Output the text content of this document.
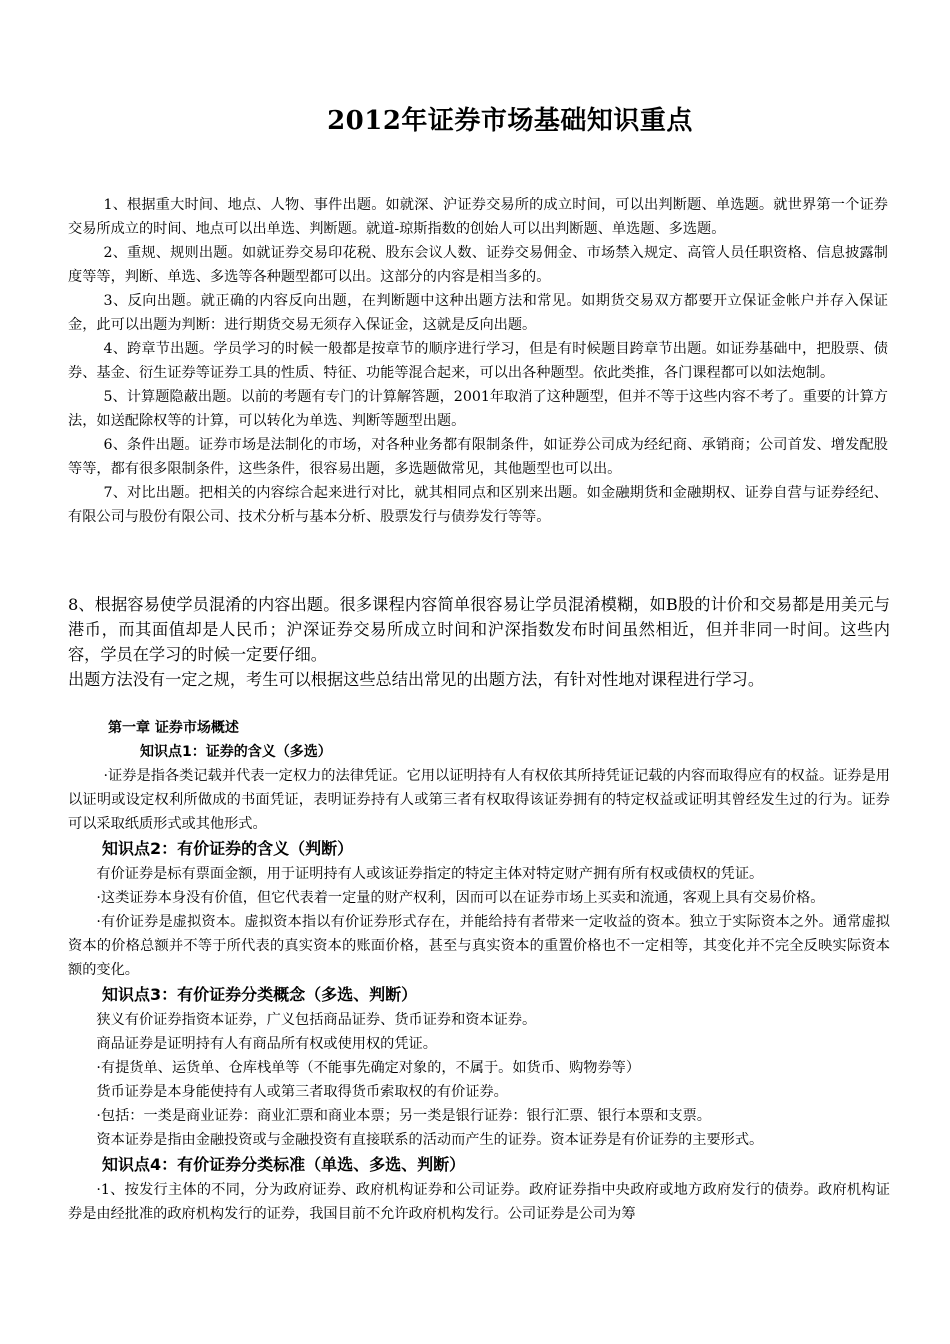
2012年证券市场基础知识重点

1、根据重大时间、地点、人物、事件出题。如就深、沪证券交易所的成立时间，可以出判断题、单选题。就世界第一个证券交易所成立的时间、地点可以出单选、判断题。就道-琼斯指数的创始人可以出判断题、单选题、多选题。

2、重规、规则出题。如就证券交易印花税、股东会议人数、证券交易佣金、市场禁入规定、高管人员任职资格、信息披露制度等等，判断、单选、多选等各种题型都可以出。这部分的内容是相当多的。

3、反向出题。就正确的内容反向出题，在判断题中这种出题方法和常见。如期货交易双方都要开立保证金帐户并存入保证金，此可以出题为判断：进行期货交易无须存入保证金，这就是反向出题。

4、跨章节出题。学员学习的时候一般都是按章节的顺序进行学习，但是有时候题目跨章节出题。如证券基础中，把股票、债券、基金、衍生证券等证券工具的性质、特征、功能等混合起来，可以出各种题型。依此类推，各门课程都可以如法炮制。

5、计算题隐蔽出题。以前的考题有专门的计算解答题，2001年取消了这种题型，但并不等于这些内容不考了。重要的计算方法，如送配除权等的计算，可以转化为单选、判断等题型出题。

6、条件出题。证券市场是法制化的市场，对各种业务都有限制条件，如证券公司成为经纪商、承销商；公司首发、增发配股等等，都有很多限制条件，这些条件，很容易出题，多选题做常见，其他题型也可以出。

7、对比出题。把相关的内容综合起来进行对比，就其相同点和区别来出题。如金融期货和金融期权、证券自营与证券经纪、有限公司与股份有限公司、技术分析与基本分析、股票发行与债券发行等等。

8、根据容易使学员混淆的内容出题。很多课程内容简单很容易让学员混淆模糊，如B股的计价和交易都是用美元与港币，而其面值却是人民币；沪深证券交易所成立时间和沪深指数发布时间虽然相近，但并非同一时间。这些内容，学员在学习的时候一定要仔细。

出题方法没有一定之规，考生可以根据这些总结出常见的出题方法，有针对性地对课程进行学习。

第一章 证券市场概述

知识点1：证券的含义（多选）

·证券是指各类记载并代表一定权力的法律凭证。它用以证明持有人有权依其所持凭证记载的内容而取得应有的权益。证券是用以证明或设定权利所做成的书面凭证，表明证券持有人或第三者有权取得该证券拥有的特定权益或证明其曾经发生过的行为。证券可以采取纸质形式或其他形式。

知识点2：有价证券的含义（判断）

有价证券是标有票面金额，用于证明持有人或该证券指定的特定主体对特定财产拥有所有权或债权的凭证。

·这类证券本身没有价值，但它代表着一定量的财产权利，因而可以在证券市场上买卖和流通，客观上具有交易价格。

·有价证券是虚拟资本。虚拟资本指以有价证券形式存在，并能给持有者带来一定收益的资本。独立于实际资本之外。通常虚拟资本的价格总额并不等于所代表的真实资本的账面价格，甚至与真实资本的重置价格也不一定相等，其变化并不完全反映实际资本额的变化。

知识点3：有价证券分类概念（多选、判断）

狭义有价证券指资本证券，广义包括商品证券、货币证券和资本证券。

商品证券是证明持有人有商品所有权或使用权的凭证。

·有提货单、运货单、仓库栈单等（不能事先确定对象的，不属于。如货币、购物券等）

货币证券是本身能使持有人或第三者取得货币索取权的有价证券。

·包括：一类是商业证券：商业汇票和商业本票；另一类是银行证券：银行汇票、银行本票和支票。

资本证券是指由金融投资或与金融投资有直接联系的活动而产生的证券。资本证券是有价证券的主要形式。

知识点4：有价证券分类标准（单选、多选、判断）

·1、按发行主体的不同，分为政府证券、政府机构证券和公司证券。政府证券指中央政府或地方政府发行的债券。政府机构证券是由经批准的政府机构发行的证券，我国目前不允许政府机构发行。公司证券是公司为筹
